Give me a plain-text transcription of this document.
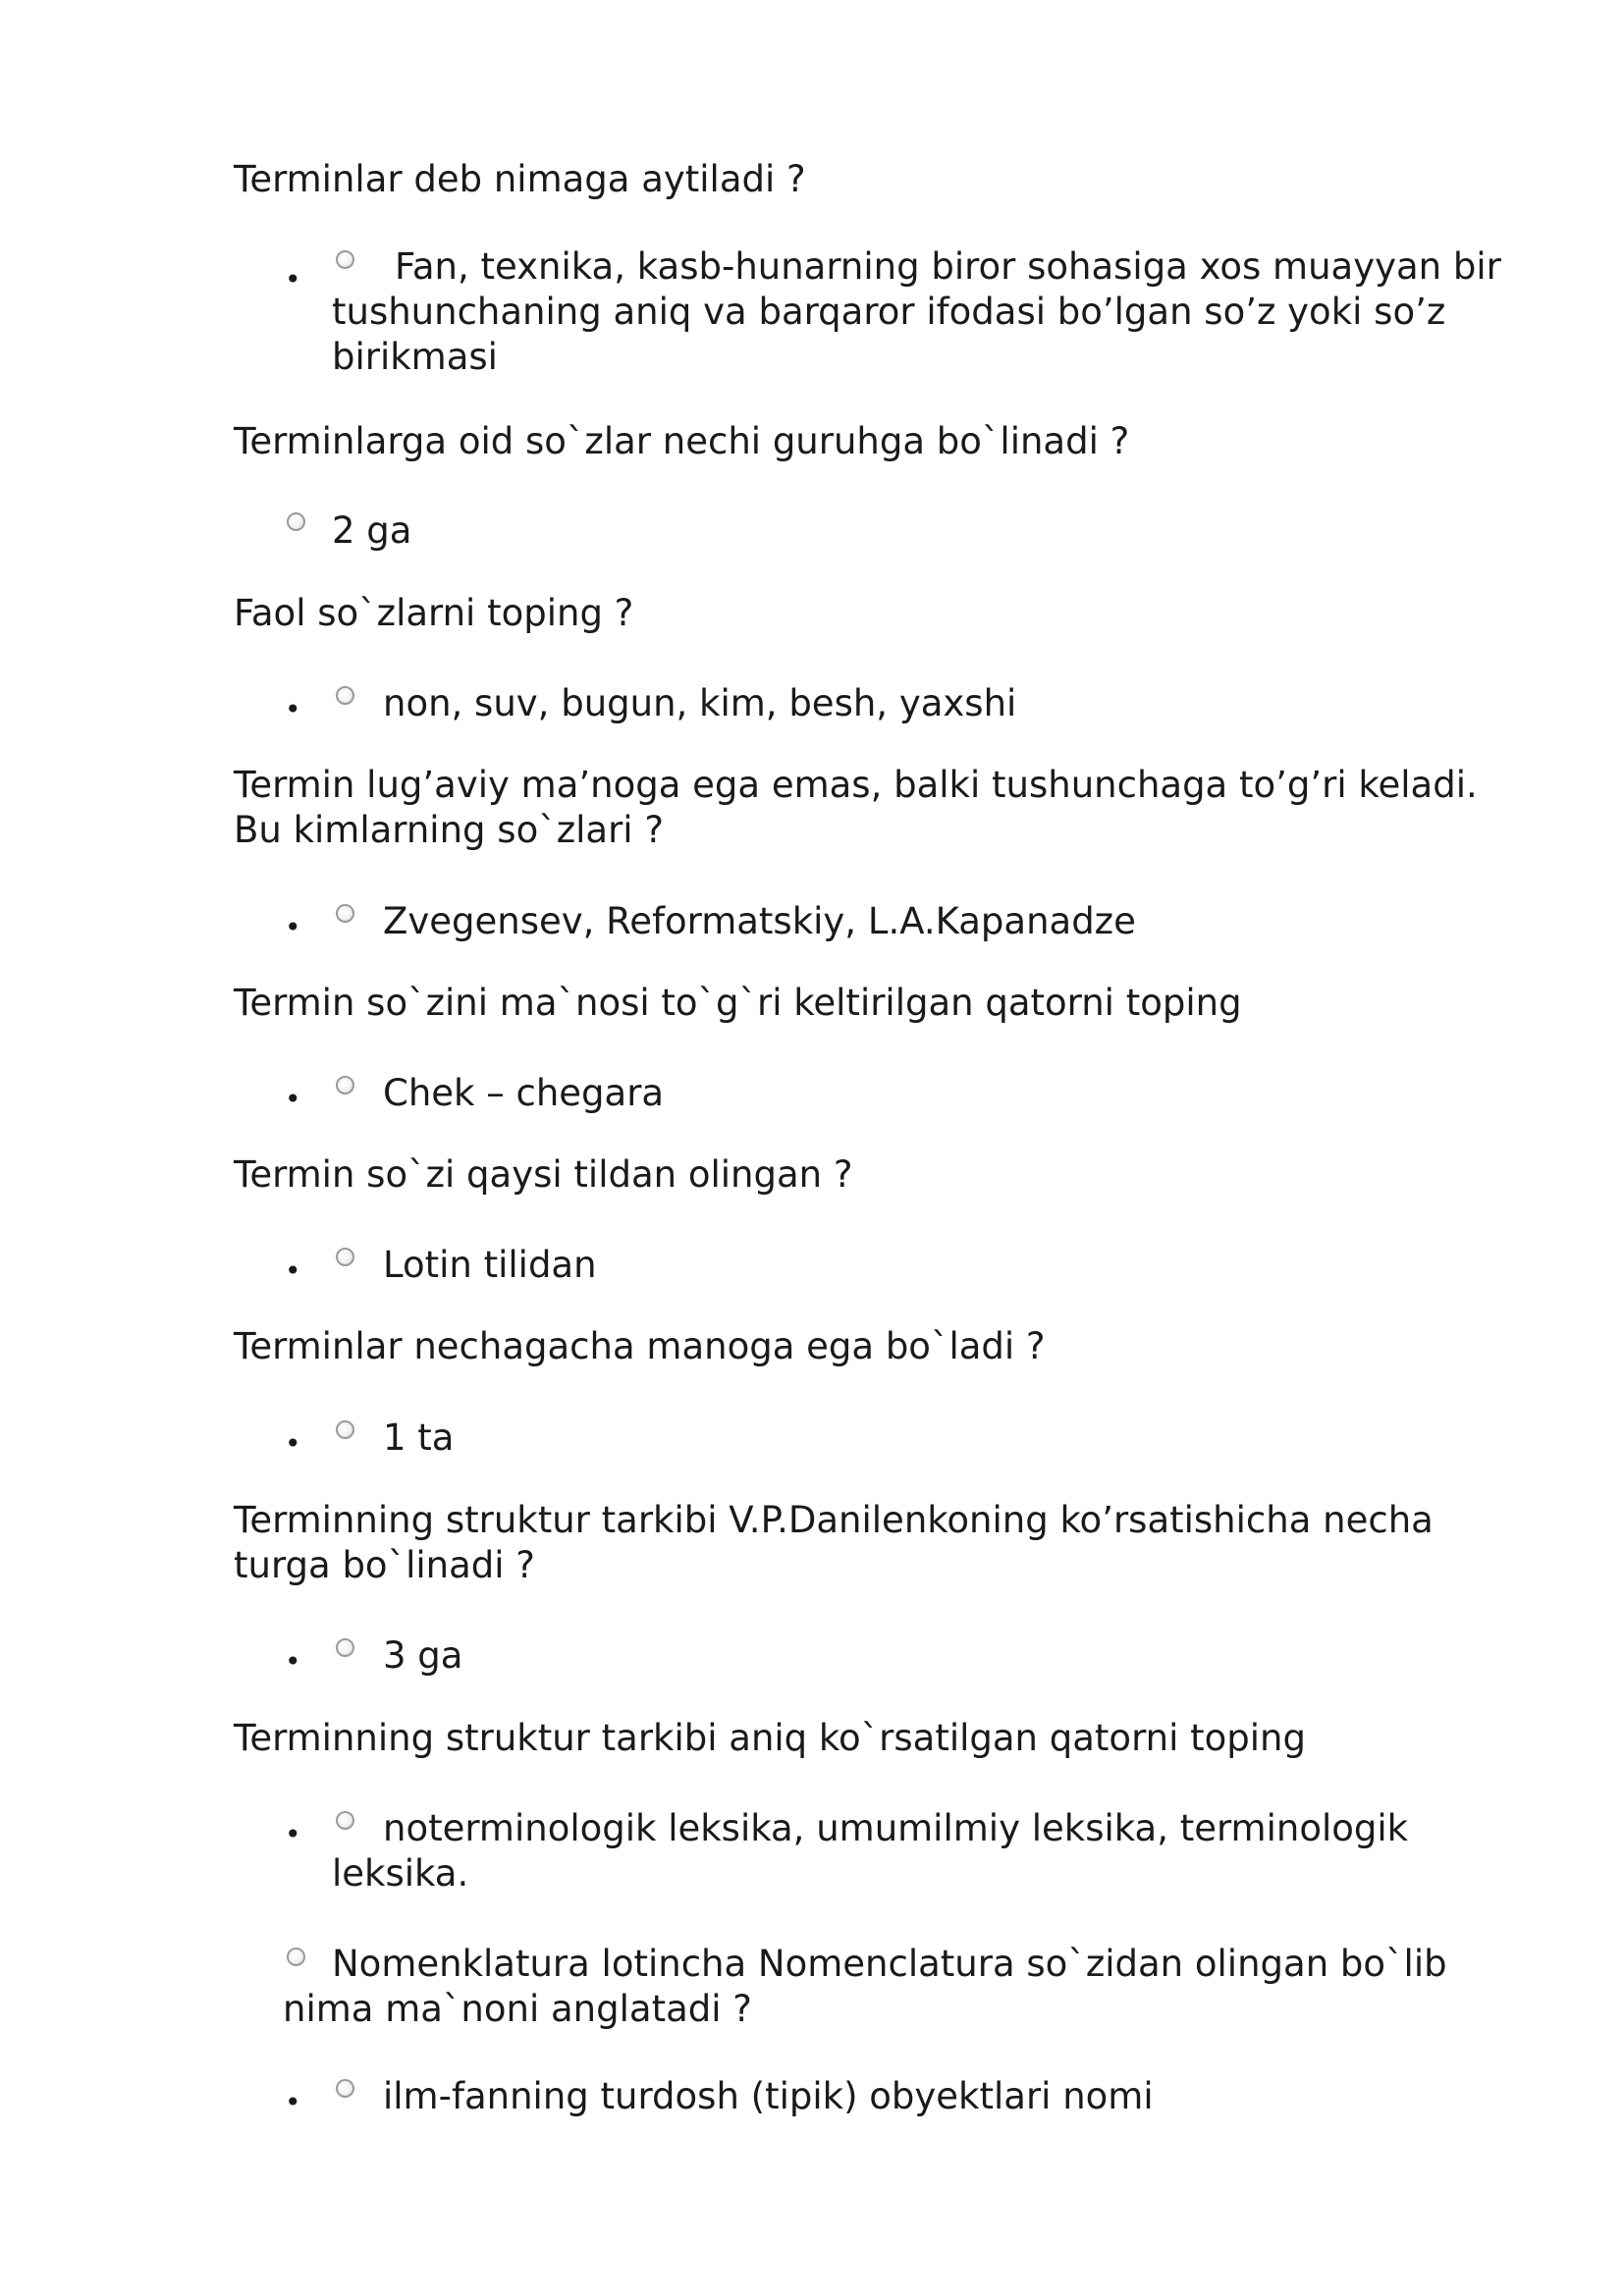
Terminlar deb nimaga aytiladi ?

•	Fan, texnika, kasb-hunarning biror sohasiga xos muayyan bir tushunchaning aniq va barqaror ifodasi bo’lgan so’z yoki so’z birikmasi

Terminlarga oid so`zlar nechi guruhga bo`linadi ?

2 ga

Faol so`zlarni toping ?

• non, suv, bugun, kim, besh, yaxshi

Termin lug’aviy ma’noga ega emas, balki tushunchaga to’g’ri keladi. Bu kimlarning so`zlari ?

• Zvegensev, Reformatskiy, L.A.Kapanadze

Termin so`zini ma`nosi to`g`ri keltirilgan qatorni toping

• Chek – chegara

Termin so`zi qaysi tildan olingan ?

• Lotin tilidan

Terminlar nechagacha manoga ega bo`ladi ?

• 1 ta

Terminning struktur tarkibi V.P.Danilenkoning ko’rsatishicha necha turga bo`linadi ?

• 3 ga

Terminning struktur tarkibi aniq ko`rsatilgan qatorni toping

•	noterminologik leksika, umumilmiy leksika, terminologik leksika.
Nomenklatura lotincha Nomenclatura so`zidan olingan bo`lib nima ma`noni anglatadi ?
• ilm-fanning turdosh (tipik) obyektlari nomi
